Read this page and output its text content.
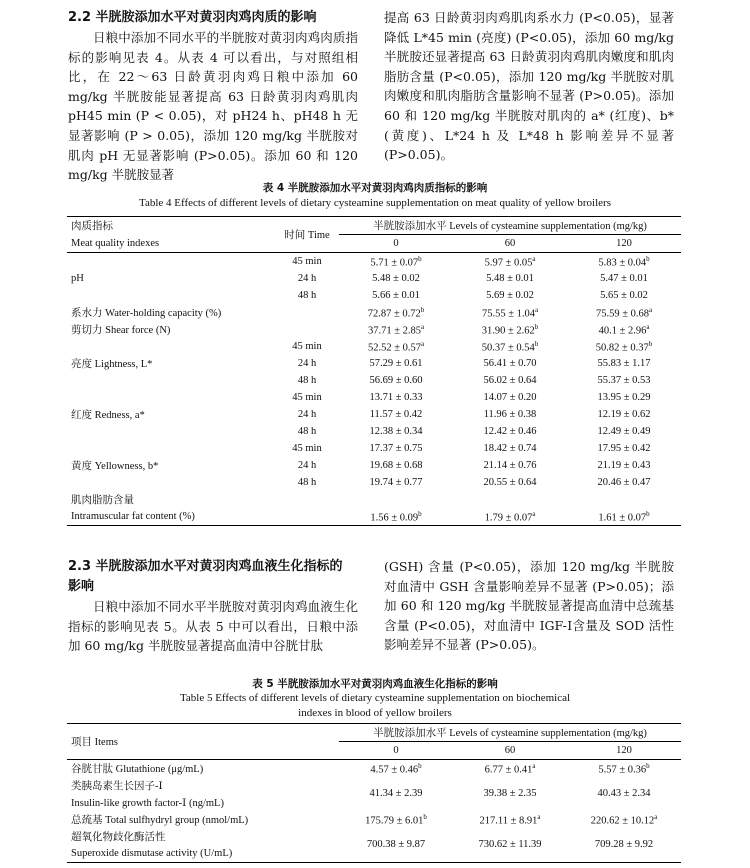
2.2 半胱胺添加水平对黄羽肉鸡肉质的影响

日粮中添加不同水平的半胱胺对黄羽肉鸡肉质指标的影响见表 4。从表 4 可以看出，与对照组相比，在 22～63 日龄黄羽肉鸡日粮中添加 60 mg/kg 半胱胺能显著提高 63 日龄黄羽肉鸡肌肉 pH45 min (P < 0.05)，对 pH24 h、pH48 h 无显著影响 (P > 0.05)，添加 120 mg/kg 半胱胺对肌肉 pH 无显著影响 (P>0.05)。添加 60 和 120 mg/kg 半胱胺显著

提高 63 日龄黄羽肉鸡肌肉系水力 (P<0.05)，显著降低 L*45 min (亮度) (P<0.05)，添加 60 mg/kg 半胱胺还显著提高 63 日龄黄羽肉鸡肌肉嫩度和肌肉脂肪含量 (P<0.05)，添加 120 mg/kg 半胱胺对肌肉嫩度和肌肉脂肪含量影响不显著 (P>0.05)。添加 60 和 120 mg/kg 半胱胺对肌肉的 a* (红度)、b* (黄度)、L*24 h 及 L*48 h 影响差异不显著 (P>0.05)。

表 4 半胱胺添加水平对黄羽肉鸡肉质指标的影响
Table 4 Effects of different levels of dietary cysteamine supplementation on meat quality of yellow broilers
肉质指标	时间 Time	半胱胺添加水平 Levels of cysteamine supplementation (mg/kg)		
Meat quality indexes		0	60	120
	45 min	5.71 ± 0.07$^b$	5.97 ± 0.05$^a$	5.83 ± 0.04$^b$
pH	24 h	5.48 ± 0.02	5.48 ± 0.01	5.47 ± 0.01
	48 h	5.66 ± 0.01	5.69 ± 0.02	5.65 ± 0.02
系水力 Water-holding capacity (%)		72.87 ± 0.72$^b$	75.55 ± 1.04$^a$	75.59 ± 0.68$^a$
剪切力 Shear force (N)		37.71 ± 2.85$^a$	31.90 ± 2.62$^b$	40.1 ± 2.96$^a$
	45 min	52.52 ± 0.57$^a$	50.37 ± 0.54$^b$	50.82 ± 0.37$^b$
亮度 Lightness, L*	24 h	57.29 ± 0.61	56.41 ± 0.70	55.83 ± 1.17
	48 h	56.69 ± 0.60	56.02 ± 0.64	55.37 ± 0.53
	45 min	13.71 ± 0.33	14.07 ± 0.20	13.95 ± 0.29
红度 Redness, a*	24 h	11.57 ± 0.42	11.96 ± 0.38	12.19 ± 0.62
	48 h	12.38 ± 0.34	12.42 ± 0.46	12.49 ± 0.49
	45 min	17.37 ± 0.75	18.42 ± 0.74	17.95 ± 0.42
黄度 Yellowness, b*	24 h	19.68 ± 0.68	21.14 ± 0.76	21.19 ± 0.43
	48 h	19.74 ± 0.77	20.55 ± 0.64	20.46 ± 0.47
肌肉脂肪含量				
Intramuscular fat content (%)		1.56 ± 0.09$^b$	1.79 ± 0.07$^a$	1.61 ± 0.07$^b$
2.3 半胱胺添加水平对黄羽肉鸡血液生化指标的
影响

日粮中添加不同水平半胱胺对黄羽肉鸡血液生化指标的影响见表 5。从表 5 中可以看出，日粮中添加 60 mg/kg 半胱胺显著提高血清中谷胱甘肽

(GSH) 含量 (P<0.05)，添加 120 mg/kg 半胱胺对血清中 GSH 含量影响差异不显著 (P>0.05)；添加 60 和 120 mg/kg 半胱胺显著提高血清中总巯基含量 (P<0.05)，对血清中 IGF-Ⅰ含量及 SOD 活性影响差异不显著 (P>0.05)。

表 5 半胱胺添加水平对黄羽肉鸡血液生化指标的影响
Table 5 Effects of different levels of dietary cysteamine supplementation on biochemical
indexes in blood of yellow broilers
项目 Items	半胱胺添加水平 Levels of cysteamine supplementation (mg/kg)		
	0	60	120
谷胱甘肽 Glutathione (μg/mL)	4.57 ± 0.46$^b$	6.77 ± 0.41$^a$	5.57 ± 0.36$^b$
类胰岛素生长因子-Ⅰ			
Insulin-like growth factor-Ⅰ (ng/mL)	41.34 ± 2.39	39.38 ± 2.35	40.43 ± 2.34
总巯基 Total sulfhydryl group (nmol/mL)	175.79 ± 6.01$^b$	217.11 ± 8.91$^a$	220.62 ± 10.12$^a$
超氧化物歧化酶活性			
Superoxide dismutase activity (U/mL)	700.38 ± 9.87	730.62 ± 11.39	709.28 ± 9.92
